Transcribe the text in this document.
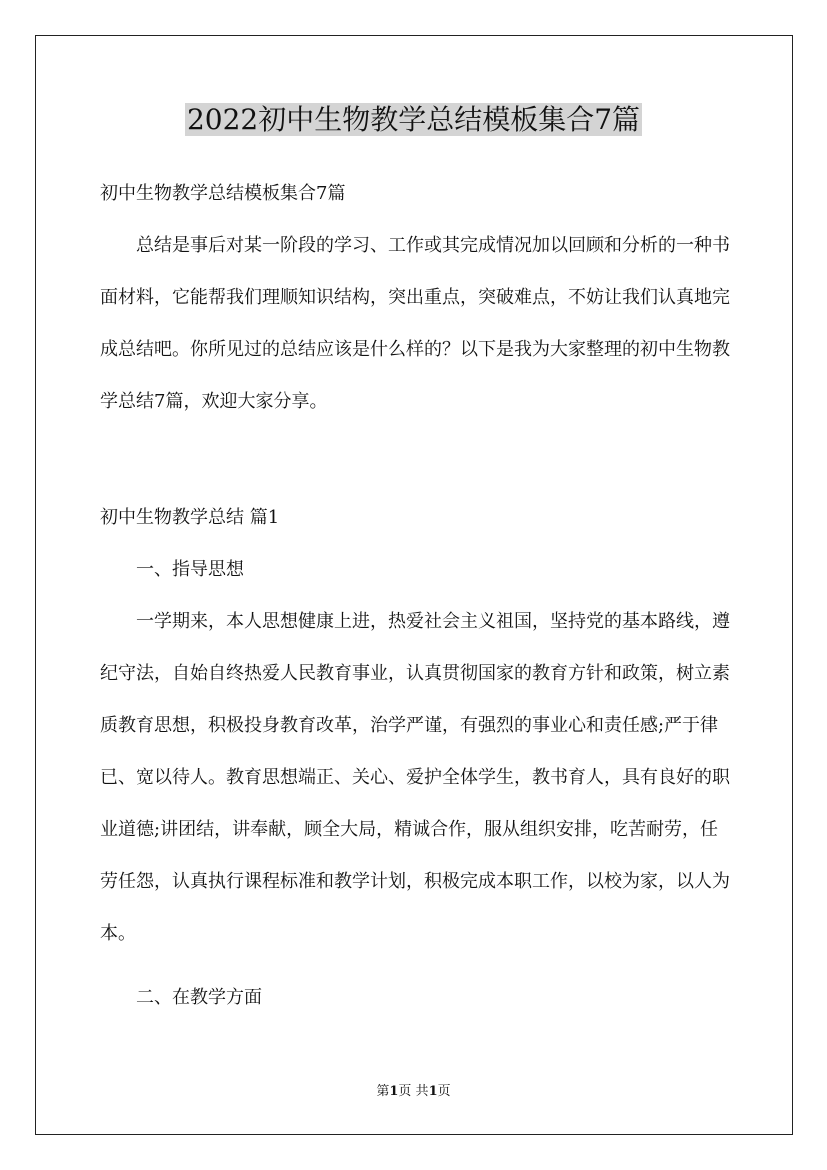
2022初中生物教学总结模板集合7篇

初中生物教学总结模板集合7篇

总结是事后对某一阶段的学习、工作或其完成情况加以回顾和分析的一种书面材料，它能帮我们理顺知识结构，突出重点，突破难点，不妨让我们认真地完成总结吧。你所见过的总结应该是什么样的？以下是我为大家整理的初中生物教学总结7篇，欢迎大家分享。

初中生物教学总结 篇1

一、指导思想

一学期来，本人思想健康上进，热爱社会主义祖国，坚持党的基本路线，遵纪守法，自始自终热爱人民教育事业，认真贯彻国家的教育方针和政策，树立素质教育思想，积极投身教育改革，治学严谨，有强烈的事业心和责任感;严于律已、宽以待人。教育思想端正、关心、爱护全体学生，教书育人，具有良好的职业道德;讲团结，讲奉献，顾全大局，精诚合作，服从组织安排，吃苦耐劳，任劳任怨，认真执行课程标准和教学计划，积极完成本职工作，以校为家，以人为本。

二、在教学方面

第1页 共1页
